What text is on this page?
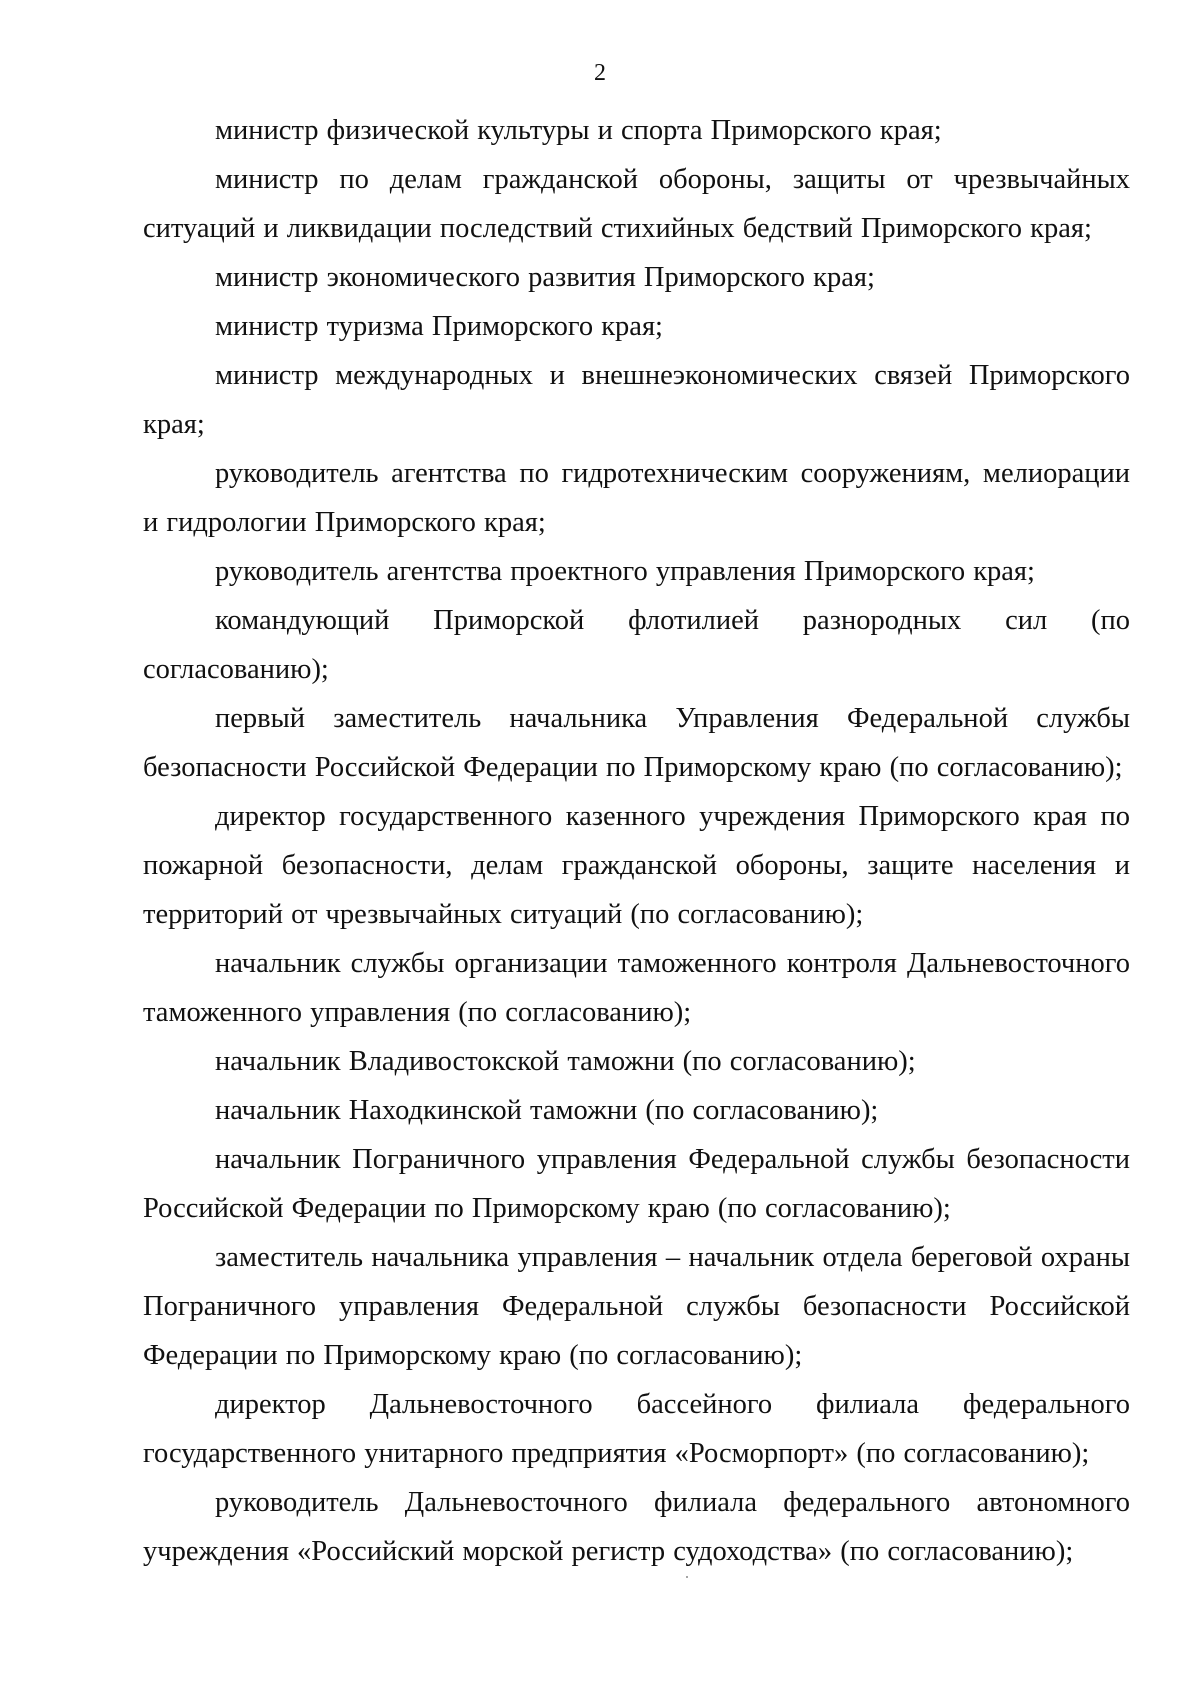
2

министр физической культуры и спорта Приморского края;

министр по делам гражданской обороны, защиты от чрезвычайных ситуаций и ликвидации последствий стихийных бедствий Приморского края;

министр экономического развития Приморского края;

министр туризма Приморского края;

министр международных и внешнеэкономических связей Приморского края;

руководитель агентства по гидротехническим сооружениям, мелиорации и гидрологии Приморского края;

руководитель агентства проектного управления Приморского края;

командующий Приморской флотилией разнородных сил (по согласованию);

первый заместитель начальника Управления Федеральной службы безопасности Российской Федерации по Приморскому краю (по согласованию);

директор государственного казенного учреждения Приморского края по пожарной безопасности, делам гражданской обороны, защите населения и территорий от чрезвычайных ситуаций (по согласованию);

начальник службы организации таможенного контроля Дальневосточного таможенного управления (по согласованию);

начальник Владивостокской таможни (по согласованию);

начальник Находкинской таможни (по согласованию);

начальник Пограничного управления Федеральной службы безопасности Российской Федерации по Приморскому краю (по согласованию);

заместитель начальника управления – начальник отдела береговой охраны Пограничного управления Федеральной службы безопасности Российской Федерации по Приморскому краю (по согласованию);

директор Дальневосточного бассейного филиала федерального государственного унитарного предприятия «Росморпорт» (по согласованию);

руководитель Дальневосточного филиала федерального автономного учреждения «Российский морской регистр судоходства» (по согласованию);
